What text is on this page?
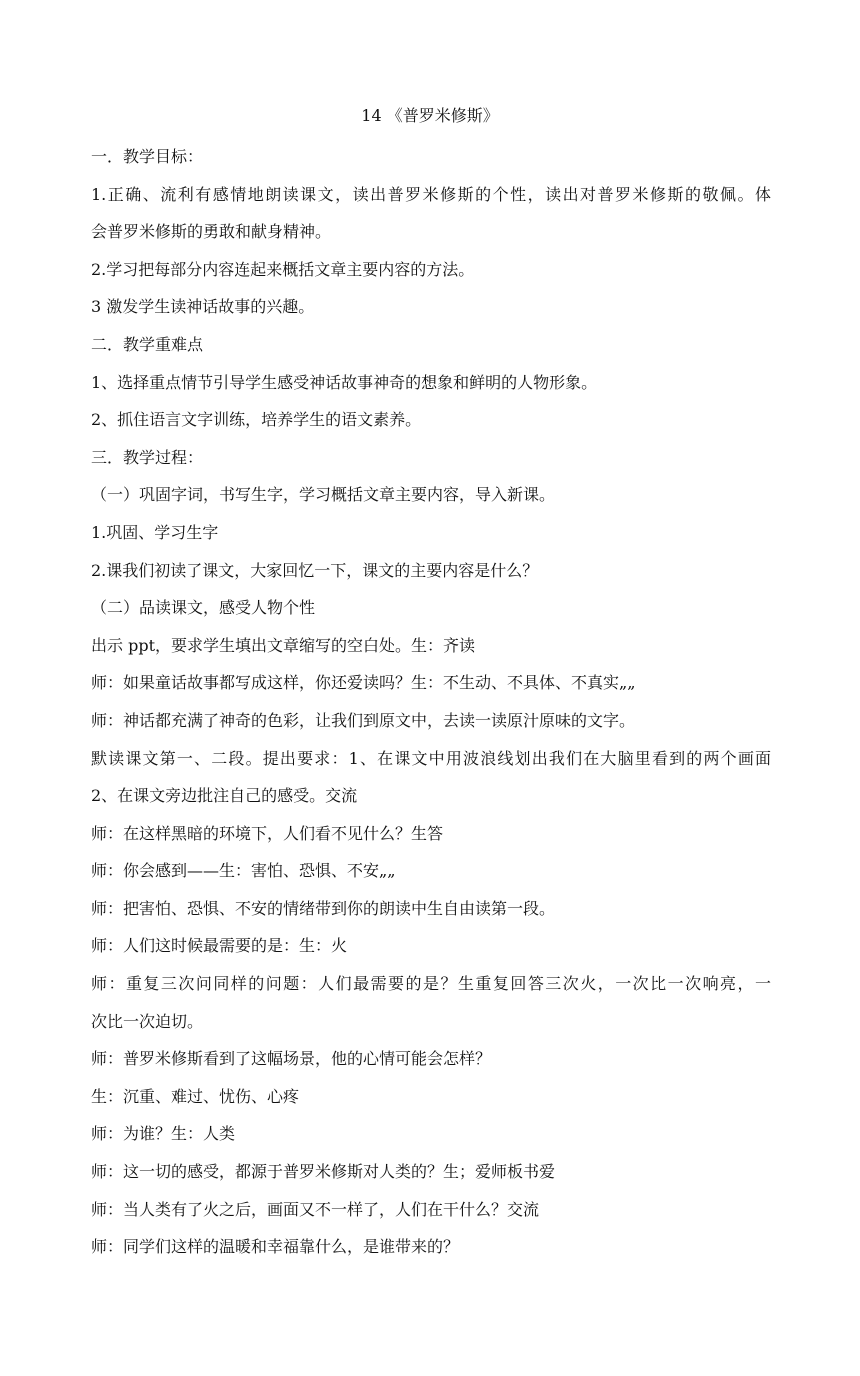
14 《普罗米修斯》
一．教学目标：
1.正确、流利有感情地朗读课文，读出普罗米修斯的个性，读出对普罗米修斯的敬佩。体
会普罗米修斯的勇敢和献身精神。
2.学习把每部分内容连起来概括文章主要内容的方法。
3 激发学生读神话故事的兴趣。
二．教学重难点
1、选择重点情节引导学生感受神话故事神奇的想象和鲜明的人物形象。
2、抓住语言文字训练，培养学生的语文素养。
三．教学过程：
（一）巩固字词，书写生字，学习概括文章主要内容，导入新课。
1.巩固、学习生字
2.课我们初读了课文，大家回忆一下，课文的主要内容是什么？
（二）品读课文，感受人物个性
出示 ppt，要求学生填出文章缩写的空白处。生：齐读
师：如果童话故事都写成这样，你还爱读吗？生：不生动、不具体、不真实„„
师：神话都充满了神奇的色彩，让我们到原文中，去读一读原汁原味的文字。
默读课文第一、二段。提出要求：1、在课文中用波浪线划出我们在大脑里看到的两个画面
2、在课文旁边批注自己的感受。交流
师：在这样黑暗的环境下，人们看不见什么？生答
师：你会感到——生：害怕、恐惧、不安„„
师：把害怕、恐惧、不安的情绪带到你的朗读中生自由读第一段。
师：人们这时候最需要的是：生：火
师：重复三次问同样的问题：人们最需要的是？生重复回答三次火，一次比一次响亮，一
次比一次迫切。
师：普罗米修斯看到了这幅场景，他的心情可能会怎样？
生：沉重、难过、忧伤、心疼
师：为谁？生：人类
师：这一切的感受，都源于普罗米修斯对人类的？生；爱师板书爱
师：当人类有了火之后，画面又不一样了，人们在干什么？交流
师：同学们这样的温暖和幸福靠什么，是谁带来的？
